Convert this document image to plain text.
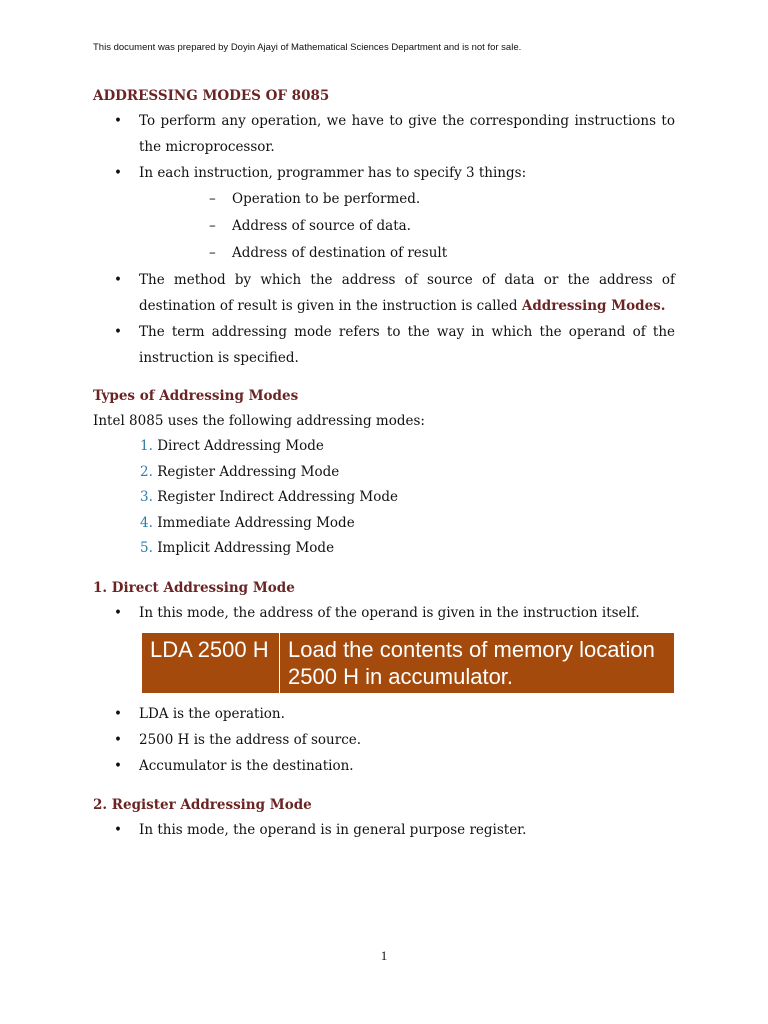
This document was prepared by Doyin Ajayi of Mathematical Sciences Department and is not for sale.

ADDRESSING MODES OF 8085

• To perform any operation, we have to give the corresponding instructions to the microprocessor.
• In each instruction, programmer has to specify 3 things:
– Operation to be performed.
– Address of source of data.
– Address of destination of result
• The method by which the address of source of data or the address of destination of result is given in the instruction is called Addressing Modes.
• The term addressing mode refers to the way in which the operand of the instruction is specified.

Types of Addressing Modes

Intel 8085 uses the following addressing modes:

1. Direct Addressing Mode
2. Register Addressing Mode
3. Register Indirect Addressing Mode
4. Immediate Addressing Mode
5. Implicit Addressing Mode

1. Direct Addressing Mode

• In this mode, the address of the operand is given in the instruction itself.
LDA 2500 H	Load the contents of memory location 2500 H in accumulator.
• LDA is the operation.
• 2500 H is the address of source.
• Accumulator is the destination.

2. Register Addressing Mode

• In this mode, the operand is in general purpose register.
1
